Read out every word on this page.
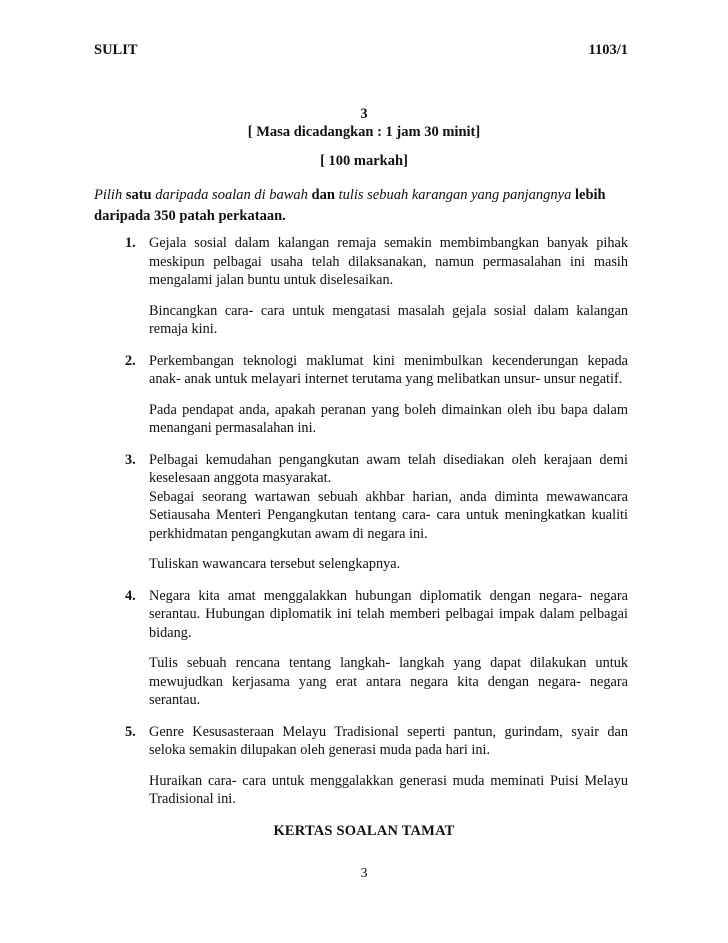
SULIT	1103/1
3
[ Masa dicadangkan : 1 jam 30 minit]
[ 100 markah]
Pilih satu daripada soalan di bawah dan tulis sebuah karangan yang panjangnya lebih daripada 350 patah perkataan.
1. Gejala sosial dalam kalangan remaja semakin membimbangkan banyak pihak meskipun pelbagai usaha telah dilaksanakan, namun permasalahan ini masih mengalami jalan buntu untuk diselesaikan.

Bincangkan cara- cara untuk mengatasi masalah gejala sosial dalam kalangan remaja kini.

2. Perkembangan teknologi maklumat kini menimbulkan kecenderungan kepada anak- anak untuk melayari internet terutama yang melibatkan unsur- unsur negatif.

Pada pendapat anda, apakah peranan yang boleh dimainkan oleh ibu bapa dalam menangani permasalahan ini.

3. Pelbagai kemudahan pengangkutan awam telah disediakan oleh kerajaan demi keselesaan anggota masyarakat.

Sebagai seorang wartawan sebuah akhbar harian, anda diminta mewawancara Setiausaha Menteri Pengangkutan tentang cara- cara untuk meningkatkan kualiti perkhidmatan pengangkutan awam di negara ini.

Tuliskan wawancara tersebut selengkapnya.

4. Negara kita amat menggalakkan hubungan diplomatik dengan negara- negara serantau. Hubungan diplomatik ini telah memberi pelbagai impak dalam pelbagai bidang.

Tulis sebuah rencana tentang langkah- langkah yang dapat dilakukan untuk mewujudkan kerjasama yang erat antara negara kita dengan negara- negara serantau.

5. Genre Kesusasteraan Melayu Tradisional seperti pantun, gurindam, syair dan seloka semakin dilupakan oleh generasi muda pada hari ini.

Huraikan cara- cara untuk menggalakkan generasi muda meminati Puisi Melayu Tradisional ini.

KERTAS SOALAN TAMAT
3
